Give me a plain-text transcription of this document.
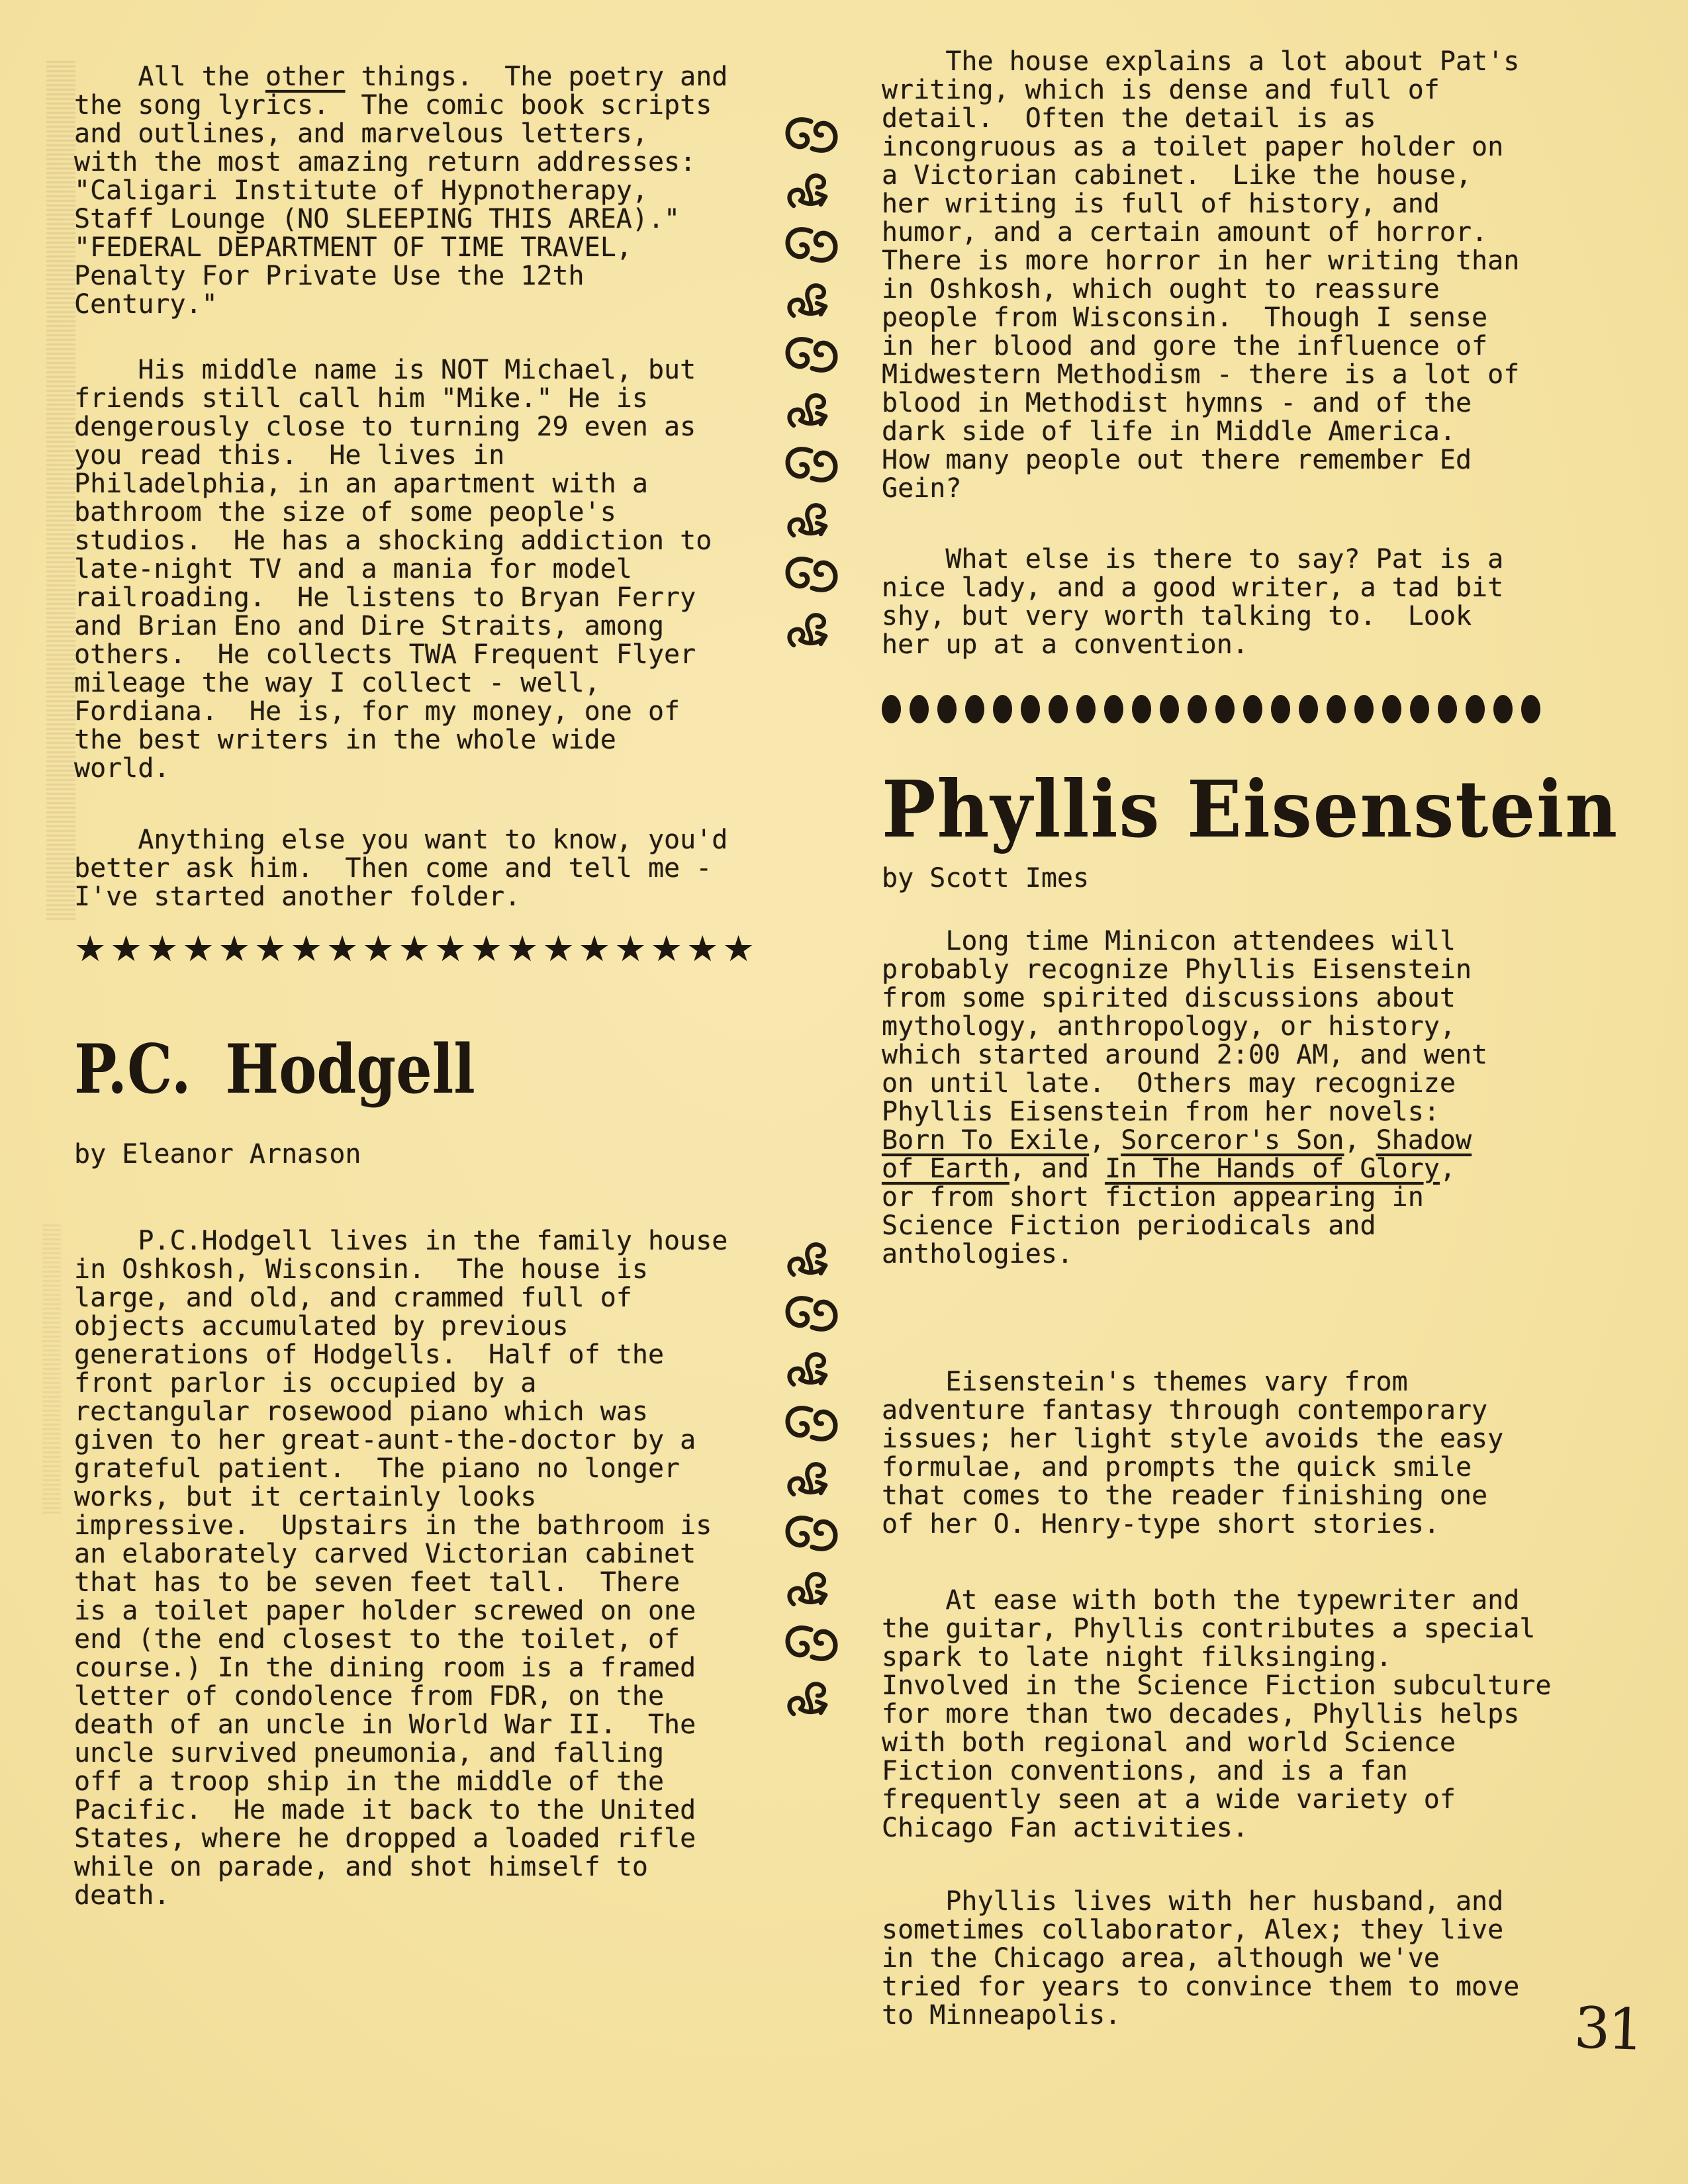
All the other things.  The poetry and
the song lyrics.  The comic book scripts
and outlines, and marvelous letters,
with the most amazing return addresses:
"Caligari Institute of Hypnotherapy,
Staff Lounge (NO SLEEPING THIS AREA)."
"FEDERAL DEPARTMENT OF TIME TRAVEL,
Penalty For Private Use the 12th
Century."
His middle name is NOT Michael, but
friends still call him "Mike." He is
dengerously close to turning 29 even as
you read this.  He lives in
Philadelphia, in an apartment with a
bathroom the size of some people's
studios.  He has a shocking addiction to
late-night TV and a mania for model
railroading.  He listens to Bryan Ferry
and Brian Eno and Dire Straits, among
others.  He collects TWA Frequent Flyer
mileage the way I collect - well,
Fordiana.  He is, for my money, one of
the best writers in the whole wide
world.
Anything else you want to know, you'd
better ask him.  Then come and tell me -
I've started another folder.
★★★★★★★★★★★★★★★★★★★
P.C. Hodgell
by Eleanor Arnason
P.C.Hodgell lives in the family house
in Oshkosh, Wisconsin.  The house is
large, and old, and crammed full of
objects accumulated by previous
generations of Hodgells.  Half of the
front parlor is occupied by a
rectangular rosewood piano which was
given to her great-aunt-the-doctor by a
grateful patient.  The piano no longer
works, but it certainly looks
impressive.  Upstairs in the bathroom is
an elaborately carved Victorian cabinet
that has to be seven feet tall.  There
is a toilet paper holder screwed on one
end (the end closest to the toilet, of
course.) In the dining room is a framed
letter of condolence from FDR, on the
death of an uncle in World War II.  The
uncle survived pneumonia, and falling
off a troop ship in the middle of the
Pacific.  He made it back to the United
States, where he dropped a loaded rifle
while on parade, and shot himself to
death.
The house explains a lot about Pat's
writing, which is dense and full of
detail.  Often the detail is as
incongruous as a toilet paper holder on
a Victorian cabinet.  Like the house,
her writing is full of history, and
humor, and a certain amount of horror.
There is more horror in her writing than
in Oshkosh, which ought to reassure
people from Wisconsin.  Though I sense
in her blood and gore the influence of
Midwestern Methodism - there is a lot of
blood in Methodist hymns - and of the
dark side of life in Middle America.
How many people out there remember Ed
Gein?
What else is there to say? Pat is a
nice lady, and a good writer, a tad bit
shy, but very worth talking to.  Look
her up at a convention.
Phyllis Eisenstein
by Scott Imes
Long time Minicon attendees will
probably recognize Phyllis Eisenstein
from some spirited discussions about
mythology, anthropology, or history,
which started around 2:00 AM, and went
on until late.  Others may recognize
Phyllis Eisenstein from her novels:
Born To Exile, Sorceror's Son, Shadow
of Earth, and In The Hands of Glory,
or from short fiction appearing in
Science Fiction periodicals and
anthologies.
Eisenstein's themes vary from
adventure fantasy through contemporary
issues; her light style avoids the easy
formulae, and prompts the quick smile
that comes to the reader finishing one
of her O. Henry-type short stories.
At ease with both the typewriter and
the guitar, Phyllis contributes a special
spark to late night filksinging.
Involved in the Science Fiction subculture
for more than two decades, Phyllis helps
with both regional and world Science
Fiction conventions, and is a fan
frequently seen at a wide variety of
Chicago Fan activities.
Phyllis lives with her husband, and
sometimes collaborator, Alex; they live
in the Chicago area, although we've
tried for years to convince them to move
to Minneapolis.	31
